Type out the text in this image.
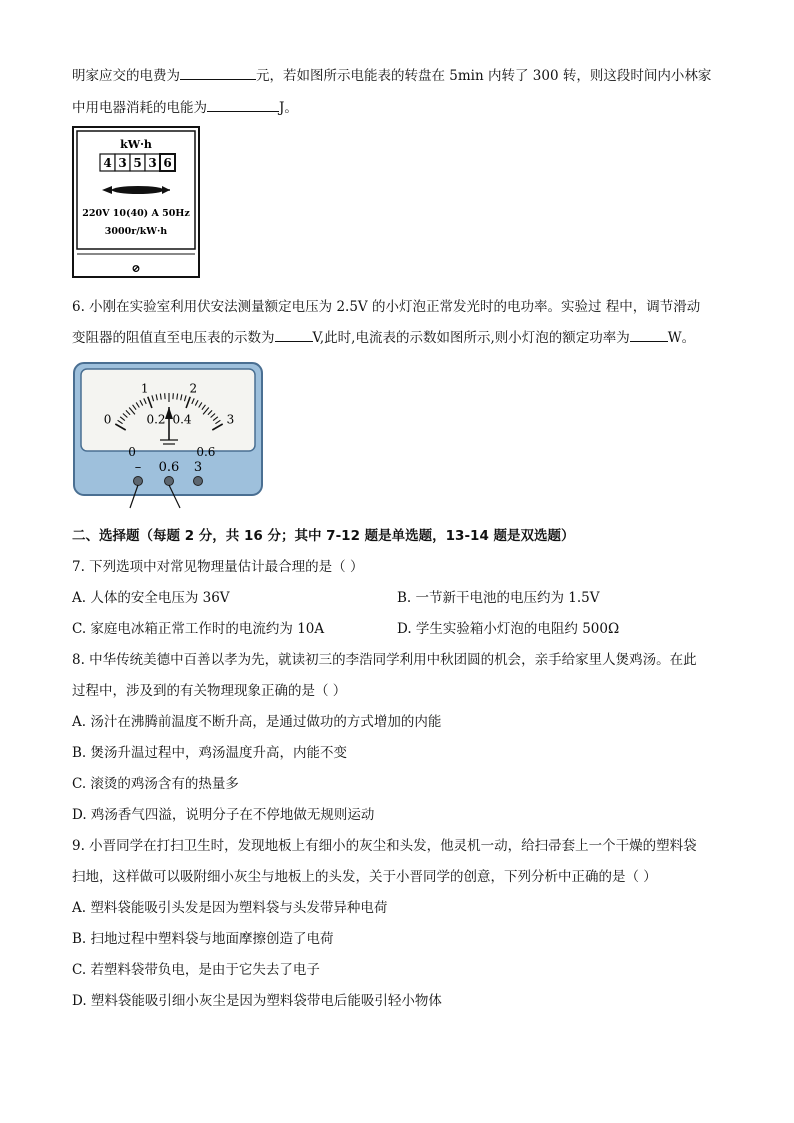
明家应交的电费为	元，若如图所示电能表的转盘在 5min 内转了 300 转，则这段时间内小林家
中用电器消耗的电能为	J。
kW·h
4 3 5 3 6
220V 10(40) A 50Hz
3000r/kW·h
⊘
6. 小刚在实验室利用伏安法测量额定电压为 2.5V 的小灯泡正常发光时的电功率。实验过 程中，调节滑动
变阻器的阻值直至电压表的示数为	V,此时,电流表的示数如图所示,则小灯泡的额定功率为	W。
0
1	2
3
0
0.2 0.4
0.6
– 0.6 3
二、选择题（每题 2 分，共 16 分；其中 7-12 题是单选题，13-14 题是双选题）
7. 下列选项中对常见物理量估计最合理的是（ ）
A. 人体的安全电压为 36V	B. 一节新干电池的电压约为 1.5V
C. 家庭电冰箱正常工作时的电流约为 10A	D. 学生实验箱小灯泡的电阻约 500Ω
8. 中华传统美德中百善以孝为先，就读初三的李浩同学利用中秋团圆的机会，亲手给家里人煲鸡汤。在此
过程中，涉及到的有关物理现象正确的是（ ）
A. 汤汁在沸腾前温度不断升高，是通过做功的方式增加的内能
B. 煲汤升温过程中，鸡汤温度升高，内能不变
C. 滚烫的鸡汤含有的热量多
D. 鸡汤香气四溢，说明分子在不停地做无规则运动
9. 小晋同学在打扫卫生时，发现地板上有细小的灰尘和头发，他灵机一动，给扫帚套上一个干燥的塑料袋
扫地，这样做可以吸附细小灰尘与地板上的头发，关于小晋同学的创意，下列分析中正确的是（ ）
A. 塑料袋能吸引头发是因为塑料袋与头发带异种电荷
B. 扫地过程中塑料袋与地面摩擦创造了电荷
C. 若塑料袋带负电，是由于它失去了电子
D. 塑料袋能吸引细小灰尘是因为塑料袋带电后能吸引轻小物体
